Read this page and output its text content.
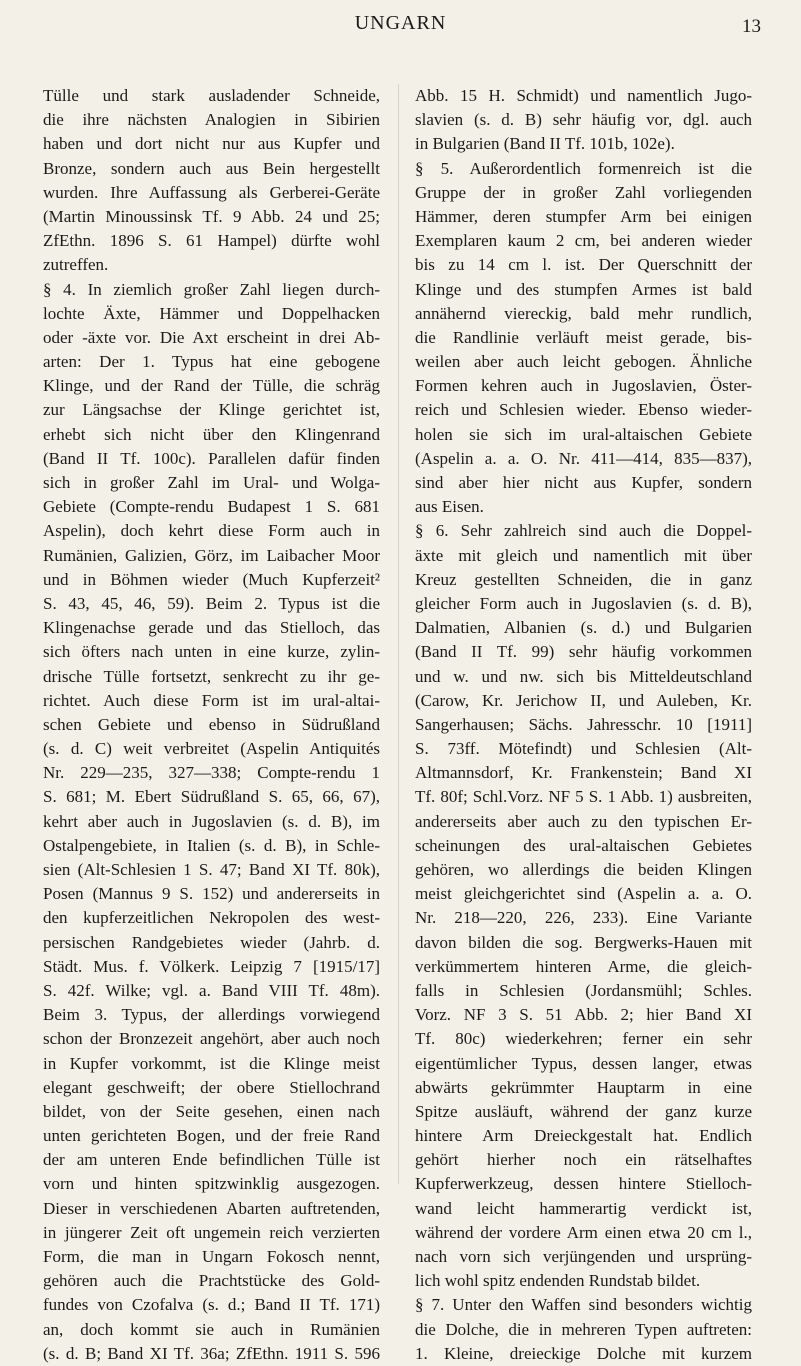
UNGARN	13
Tülle und stark ausladender Schneide,
die ihre nächsten Analogien in Sibirien
haben und dort nicht nur aus Kupfer und
Bronze, sondern auch aus Bein hergestellt
wurden. Ihre Auffassung als Gerberei-Geräte
(Martin Minoussinsk Tf. 9 Abb. 24 und 25;
ZfEthn. 1896 S. 61 Hampel) dürfte wohl
zutreffen.
§ 4. In ziemlich großer Zahl liegen durch-
lochte Äxte, Hämmer und Doppelhacken
oder -äxte vor. Die Axt erscheint in drei Ab-
arten: Der 1. Typus hat eine gebogene
Klinge, und der Rand der Tülle, die schräg
zur Längsachse der Klinge gerichtet ist,
erhebt sich nicht über den Klingenrand
(Band II Tf. 100c). Parallelen dafür finden
sich in großer Zahl im Ural- und Wolga-
Gebiete (Compte-rendu Budapest 1 S. 681
Aspelin), doch kehrt diese Form auch in
Rumänien, Galizien, Görz, im Laibacher Moor
und in Böhmen wieder (Much Kupferzeit²
S. 43, 45, 46, 59). Beim 2. Typus ist die
Klingenachse gerade und das Stielloch, das
sich öfters nach unten in eine kurze, zylin-
drische Tülle fortsetzt, senkrecht zu ihr ge-
richtet. Auch diese Form ist im ural-altai-
schen Gebiete und ebenso in Südrußland
(s. d. C) weit verbreitet (Aspelin Antiquités
Nr. 229—235, 327—338; Compte-rendu 1
S. 681; M. Ebert Südrußland S. 65, 66, 67),
kehrt aber auch in Jugoslavien (s. d. B), im
Ostalpengebiete, in Italien (s. d. B), in Schle-
sien (Alt-Schlesien 1 S. 47; Band XI Tf. 80k),
Posen (Mannus 9 S. 152) und andererseits in
den kupferzeitlichen Nekropolen des west-
persischen Randgebietes wieder (Jahrb. d.
Städt. Mus. f. Völkerk. Leipzig 7 [1915/17]
S. 42f. Wilke; vgl. a. Band VIII Tf. 48m).
Beim 3. Typus, der allerdings vorwiegend
schon der Bronzezeit angehört, aber auch noch
in Kupfer vorkommt, ist die Klinge meist
elegant geschweift; der obere Stiellochrand
bildet, von der Seite gesehen, einen nach
unten gerichteten Bogen, und der freie Rand
der am unteren Ende befindlichen Tülle ist
vorn und hinten spitzwinklig ausgezogen.
Dieser in verschiedenen Abarten auftretenden,
in jüngerer Zeit oft ungemein reich verzierten
Form, die man in Ungarn Fokosch nennt,
gehören auch die Prachtstücke des Gold-
fundes von Czofalva (s. d.; Band II Tf. 171)
an, doch kommt sie auch in Rumänien
(s. d. B; Band XI Tf. 36a; ZfEthn. 1911 S. 596
Abb. 15 H. Schmidt) und namentlich Jugo-
slavien (s. d. B) sehr häufig vor, dgl. auch
in Bulgarien (Band II Tf. 101b, 102e).
§ 5. Außerordentlich formenreich ist die
Gruppe der in großer Zahl vorliegenden
Hämmer, deren stumpfer Arm bei einigen
Exemplaren kaum 2 cm, bei anderen wieder
bis zu 14 cm l. ist. Der Querschnitt der
Klinge und des stumpfen Armes ist bald
annähernd viereckig, bald mehr rundlich,
die Randlinie verläuft meist gerade, bis-
weilen aber auch leicht gebogen. Ähnliche
Formen kehren auch in Jugoslavien, Öster-
reich und Schlesien wieder. Ebenso wieder-
holen sie sich im ural-altaischen Gebiete
(Aspelin a. a. O. Nr. 411—414, 835—837),
sind aber hier nicht aus Kupfer, sondern
aus Eisen.
§ 6. Sehr zahlreich sind auch die Doppel-
äxte mit gleich und namentlich mit über
Kreuz gestellten Schneiden, die in ganz
gleicher Form auch in Jugoslavien (s. d. B),
Dalmatien, Albanien (s. d.) und Bulgarien
(Band II Tf. 99) sehr häufig vorkommen
und w. und nw. sich bis Mitteldeutschland
(Carow, Kr. Jerichow II, und Auleben, Kr.
Sangerhausen; Sächs. Jahresschr. 10 [1911]
S. 73ff. Mötefindt) und Schlesien (Alt-
Altmannsdorf, Kr. Frankenstein; Band XI
Tf. 80f; Schl.Vorz. NF 5 S. 1 Abb. 1) ausbreiten,
andererseits aber auch zu den typischen Er-
scheinungen des ural-altaischen Gebietes
gehören, wo allerdings die beiden Klingen
meist gleichgerichtet sind (Aspelin a. a. O.
Nr. 218—220, 226, 233). Eine Variante
davon bilden die sog. Bergwerks-Hauen mit
verkümmertem hinteren Arme, die gleich-
falls in Schlesien (Jordansmühl; Schles.
Vorz. NF 3 S. 51 Abb. 2; hier Band XI
Tf. 80c) wiederkehren; ferner ein sehr
eigentümlicher Typus, dessen langer, etwas
abwärts gekrümmter Hauptarm in eine
Spitze ausläuft, während der ganz kurze
hintere Arm Dreieckgestalt hat. Endlich
gehört hierher noch ein rätselhaftes
Kupferwerkzeug, dessen hintere Stielloch-
wand leicht hammerartig verdickt ist,
während der vordere Arm einen etwa 20 cm l.,
nach vorn sich verjüngenden und ursprüng-
lich wohl spitz endenden Rundstab bildet.
§ 7. Unter den Waffen sind besonders wichtig
die Dolche, die in mehreren Typen auftreten:
1. Kleine, dreieckige Dolche mit kurzem
